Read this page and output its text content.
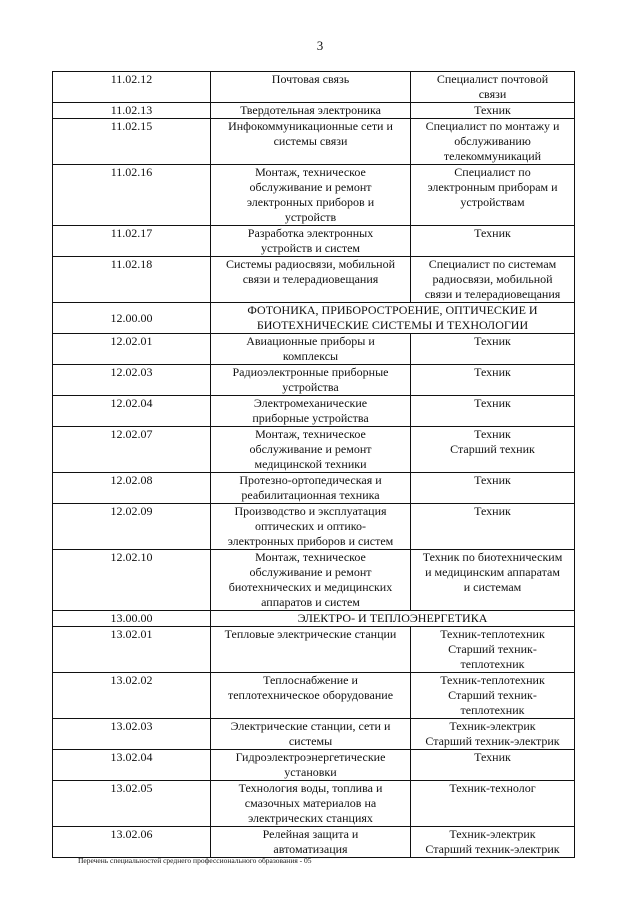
3
11.02.12	Почтовая связь	Специалист почтовой
связи

11.02.13	Твердотельная электроника	Техник

11.02.15	Инфокоммуникационные сети и
системы связи	Специалист по монтажу и
обслуживанию
телекоммуникаций

11.02.16	Монтаж, техническое
обслуживание и ремонт
электронных приборов и
устройств	Специалист по
электронным приборам и
устройствам

11.02.17	Разработка электронных
устройств и систем	Техник

11.02.18	Системы радиосвязи, мобильной
связи и телерадиовещания	Специалист по системам
радиосвязи, мобильной
связи и телерадиовещания

12.00.00	ФОТОНИКА, ПРИБОРОСТРОЕНИЕ, ОПТИЧЕСКИЕ И
БИОТЕХНИЧЕСКИЕ СИСТЕМЫ И ТЕХНОЛОГИИ	

12.02.01	Авиационные приборы и
комплексы	Техник

12.02.03	Радиоэлектронные приборные
устройства	Техник

12.02.04	Электромеханические
приборные устройства	Техник

12.02.07	Монтаж, техническое
обслуживание и ремонт
медицинской техники	Техник
Старший техник

12.02.08	Протезно-ортопедическая и
реабилитационная техника	Техник

12.02.09	Производство и эксплуатация
оптических и оптико-
электронных приборов и систем	Техник

12.02.10	Монтаж, техническое
обслуживание и ремонт
биотехнических и медицинских
аппаратов и систем	Техник по биотехническим
и медицинским аппаратам
и системам

13.00.00	ЭЛЕКТРО- И ТЕПЛОЭНЕРГЕТИКА	

13.02.01	Тепловые электрические станции	Техник-теплотехник
Старший техник-
теплотехник

13.02.02	Теплоснабжение и
теплотехническое оборудование	Техник-теплотехник
Старший техник-
теплотехник

13.02.03	Электрические станции, сети и
системы	Техник-электрик
Старший техник-электрик

13.02.04	Гидроэлектроэнергетические
установки	Техник

13.02.05	Технология воды, топлива и
смазочных материалов на
электрических станциях	Техник-технолог

13.02.06	Релейная защита и
автоматизация	Техник-электрик
Старший техник-электрик
Перечень специальностей среднего профессионального образования - 05
